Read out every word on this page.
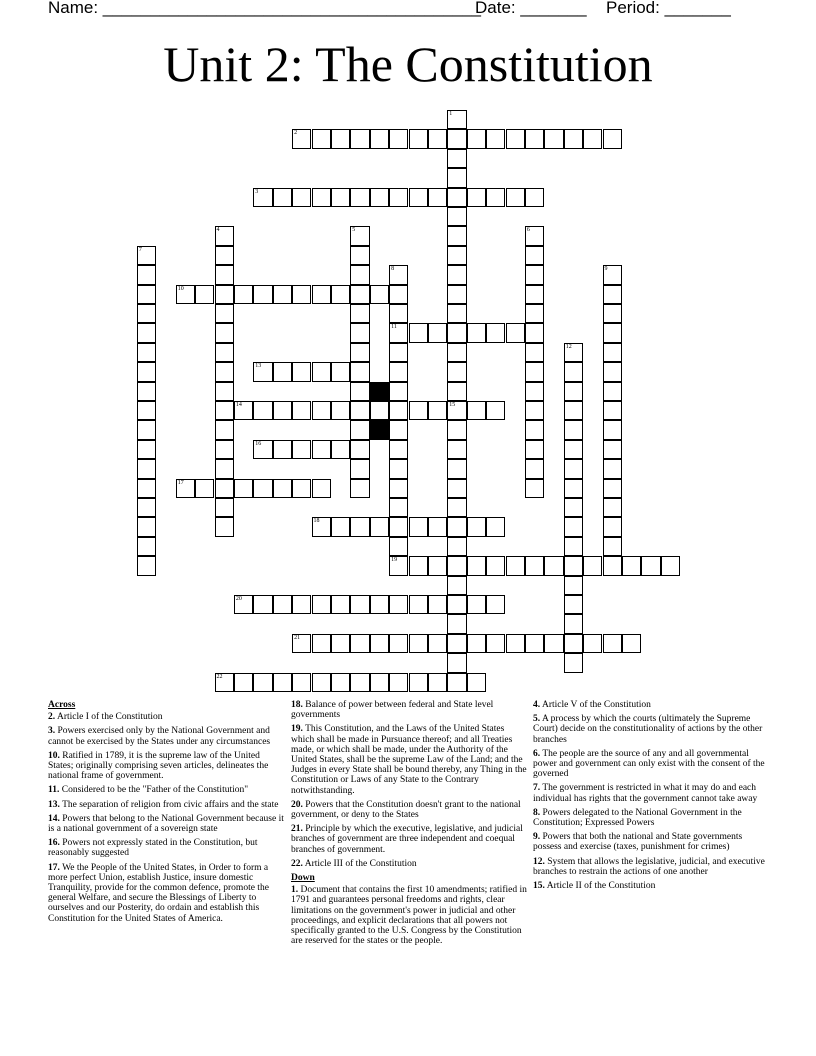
Name: ________________________________________
Date: _______ Period: _______
Unit 2: The Constitution
1
15
2
3
4	5	6
7
8
11
19
9
10
12
13
14
16
17
18
20
21
22
Across
2. Article I of the Constitution
3. Powers exercised only by the National Government and cannot be exercised by the States under any circumstances
10. Ratified in 1789, it is the supreme law of the United States; originally comprising seven articles, delineates the national frame of government.
11. Considered to be the "Father of the Constitution"
13. The separation of religion from civic affairs and the state
14. Powers that belong to the National Government because it is a national government of a sovereign state
16. Powers not expressly stated in the Constitution, but reasonably suggested
17. We the People of the United States, in Order to form a more perfect Union, establish Justice, insure domestic Tranquility, provide for the common defence, promote the general Welfare, and secure the Blessings of Liberty to ourselves and our Posterity, do ordain and establish this Constitution for the United States of America.
18. Balance of power between federal and State level governments
19. This Constitution, and the Laws of the United States which shall be made in Pursuance thereof; and all Treaties made, or which shall be made, under the Authority of the United States, shall be the supreme Law of the Land; and the Judges in every State shall be bound thereby, any Thing in the Constitution or Laws of any State to the Contrary notwithstanding.
20. Powers that the Constitution doesn't grant to the national government, or deny to the States
21. Principle by which the executive, legislative, and judicial branches of government are three independent and coequal branches of government.
22. Article III of the Constitution
Down
1. Document that contains the first 10 amendments; ratified in 1791 and guarantees personal freedoms and rights, clear limitations on the government's power in judicial and other proceedings, and explicit declarations that all powers not specifically granted to the U.S. Congress by the Constitution are reserved for the states or the people.
4. Article V of the Constitution
5. A process by which the courts (ultimately the Supreme Court) decide on the constitutionality of actions by the other branches
6. The people are the source of any and all governmental power and government can only exist with the consent of the governed
7. The government is restricted in what it may do and each individual has rights that the government cannot take away
8. Powers delegated to the National Government in the Constitution; Expressed Powers
9. Powers that both the national and State governments possess and exercise (taxes, punishment for crimes)
12. System that allows the legislative, judicial, and executive branches to restrain the actions of one another
15. Article II of the Constitution
